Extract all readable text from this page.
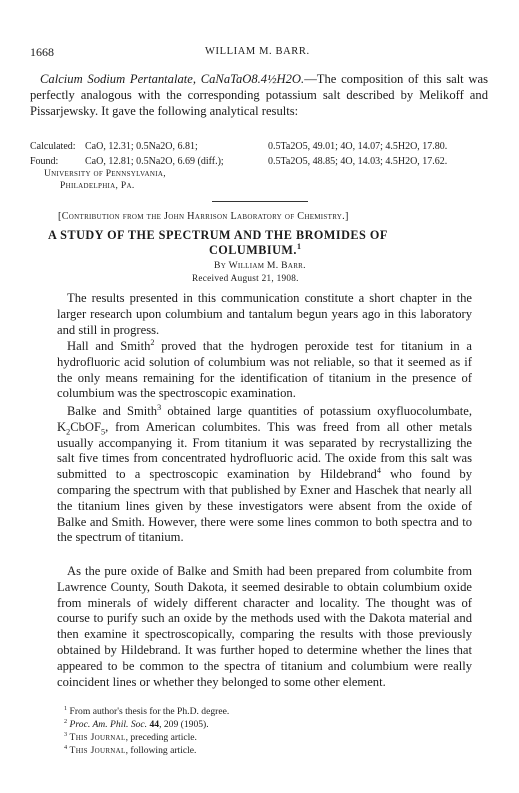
1668	WILLIAM M. BARR.

Calcium Sodium Pertantalate, CaNaTaO8.4½H2O.—The composition of this salt was perfectly analogous with the corresponding potassium salt described by Melikoff and Pissarjewsky. It gave the following analytical results:

Calculated: CaO, 12.31; 0.5Na2O, 6.81;	0.5Ta2O5, 49.01; 4O, 14.07; 4.5H2O, 17.80.
Found:	CaO, 12.81; 0.5Na2O, 6.69 (diff.);	0.5Ta2O5, 48.85; 4O, 14.03; 4.5H2O, 17.62.
University of Pennsylvania,
Philadelphia, Pa.
[Contribution from the John Harrison Laboratory of Chemistry.]
A STUDY OF THE SPECTRUM AND THE BROMIDES OF
COLUMBIUM.$^1$
By William M. Barr.
Received August 21, 1908.

The results presented in this communication constitute a short chapter in the larger research upon columbium and tantalum begun years ago in this laboratory and still in progress.

Hall and Smith$^2$ proved that the hydrogen peroxide test for titanium in a hydrofluoric acid solution of columbium was not reliable, so that it seemed as if the only means remaining for the identification of titanium in the presence of columbium was the spectroscopic examination.

Balke and Smith$^3$ obtained large quantities of potassium oxyfluocolumbate, $K_2CbOF_5$, from American columbites. This was freed from all other metals usually accompanying it. From titanium it was separated by recrystallizing the salt five times from concentrated hydrofluoric acid. The oxide from this salt was submitted to a spectroscopic examination by Hildebrand$^4$ who found by comparing the spectrum with that published by Exner and Haschek that nearly all the titanium lines given by these investigators were absent from the oxide of Balke and Smith. However, there were some lines common to both spectra and to the spectrum of titanium.

As the pure oxide of Balke and Smith had been prepared from columbite from Lawrence County, South Dakota, it seemed desirable to obtain columbium oxide from minerals of widely different character and locality. The thought was of course to purify such an oxide by the methods used with the Dakota material and then examine it spectroscopically, comparing the results with those previously obtained by Hildebrand. It was further hoped to determine whether the lines that appeared to be common to the spectra of titanium and columbium were really coincident lines or whether they belonged to some other element.

$^1$ From author's thesis for the Ph.D. degree.
$^2$ Proc. Am. Phil. Soc. 44, 209 (1905).
$^3$ This Journal, preceding article.
$^4$ This Journal, following article.
